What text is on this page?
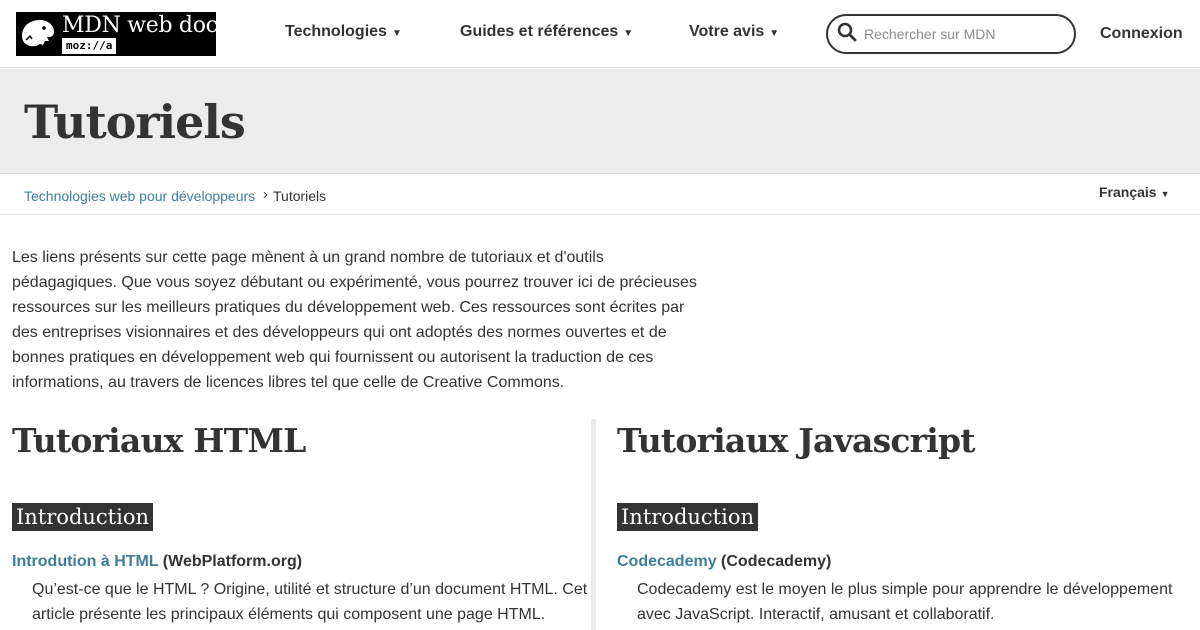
MDN web docs
moz://a
Technologies ▼	Guides et références ▼	Votre avis ▼
Rechercher sur MDN	Connexion
Tutoriels
Technologies web pour développeurs › Tutoriels	Français ▼

Les liens présents sur cette page mènent à un grand nombre de tutoriaux et d'outils pédagagiques. Que vous soyez débutant ou expérimenté, vous pourrez trouver ici de précieuses ressources sur les meilleurs pratiques du développement web. Ces ressources sont écrites par des entreprises visionnaires et des développeurs qui ont adoptés des normes ouvertes et de bonnes pratiques en développement web qui fournissent ou autorisent la traduction de ces informations, au travers de licences libres tel que celle de Creative Commons.

Tutoriaux HTML
Introduction
Introdution à HTML (WebPlatform.org)

Qu’est-ce que le HTML ? Origine, utilité et structure d’un document HTML. Cet article présente les principaux éléments qui composent une page HTML.

Tutoriaux Javascript
Introduction
Codecademy (Codecademy)

Codecademy est le moyen le plus simple pour apprendre le développement avec JavaScript. Interactif, amusant et collaboratif.
